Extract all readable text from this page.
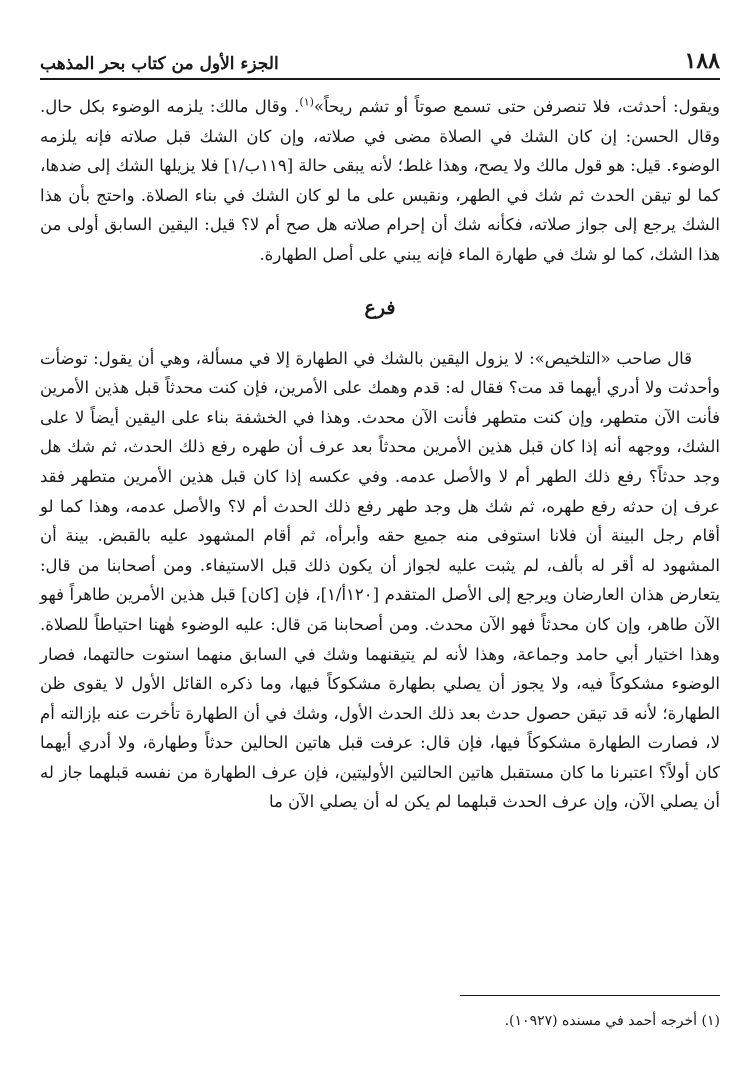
١٨٨
الجزء الأول من كتاب بحر المذهب

ويقول: أحدثت، فلا تنصرفن حتى تسمع صوتاً أو تشم ريحاً»$^{(١)}$. وقال مالك: يلزمه الوضوء بكل حال. وقال الحسن: إن كان الشك في الصلاة مضى في صلاته، وإن كان الشك قبل صلاته فإنه يلزمه الوضوء. قيل: هو قول مالك ولا يصح، وهذا غلط؛ لأنه يبقى حالة [١١٩ب/١] فلا يزيلها الشك إلى ضدها، كما لو تيقن الحدث ثم شك في الطهر، ونقيس على ما لو كان الشك في بناء الصلاة. واحتج بأن هذا الشك يرجع إلى جواز صلاته، فكأنه شك أن إحرام صلاته هل صح أم لا؟ قيل: اليقين السابق أولى من هذا الشك، كما لو شك في طهارة الماء فإنه يبني على أصل الطهارة.

فرع

قال صاحب «التلخيص»: لا يزول اليقين بالشك في الطهارة إلا في مسألة، وهي أن يقول: توضأت وأحدثت ولا أدري أيهما قد مت؟ فقال له: قدم وهمك على الأمرين، فإن كنت محدثاً قبل هذين الأمرين فأنت الآن متطهر، وإن كنت متطهر فأنت الآن محدث. وهذا في الخشفة بناء على اليقين أيضاً لا على الشك، ووجهه أنه إذا كان قبل هذين الأمرين محدثاً بعد عرف أن طهره رفع ذلك الحدث، ثم شك هل وجد حدثاً؟ رفع ذلك الطهر أم لا والأصل عدمه. وفي عكسه إذا كان قبل هذين الأمرين متطهر فقد عرف إن حدثه رفع طهره، ثم شك هل وجد طهر رفع ذلك الحدث أم لا؟ والأصل عدمه، وهذا كما لو أقام رجل البينة أن فلانا استوفى منه جميع حقه وأبرأه، ثم أقام المشهود عليه بالقبض. بينة أن المشهود له أقر له بألف، لم يثبت عليه لجواز أن يكون ذلك قبل الاستيفاء. ومن أصحابنا من قال: يتعارض هذان العارضان ويرجع إلى الأصل المتقدم [١٢٠أ/١]، فإن [كان] قبل هذين الأمرين طاهراً فهو الآن طاهر، وإن كان محدثاً فهو الآن محدث. ومن أصحابنا مَن قال: عليه الوضوء هٰهنا احتياطاً للصلاة. وهذا اختيار أبي حامد وجماعة، وهذا لأنه لم يتيقنهما وشك في السابق منهما استوت حالتهما، فصار الوضوء مشكوكاً فيه، ولا يجوز أن يصلي بطهارة مشكوكاً فيها، وما ذكره القائل الأول لا يقوى ظن الطهارة؛ لأنه قد تيقن حصول حدث بعد ذلك الحدث الأول، وشك في أن الطهارة تأخرت عنه بإزالته أم لا، فصارت الطهارة مشكوكاً فيها، فإن قال: عرفت قبل هاتين الحالين حدثاً وطهارة، ولا أدري أيهما كان أولاً؟ اعتبرنا ما كان مستقبل هاتين الحالتين الأوليتين، فإن عرف الطهارة من نفسه قبلهما جاز له أن يصلي الآن، وإن عرف الحدث قبلهما لم يكن له أن يصلي الآن ما

(١) أخرجه أحمد في مسنده (١٠٩٢٧).
